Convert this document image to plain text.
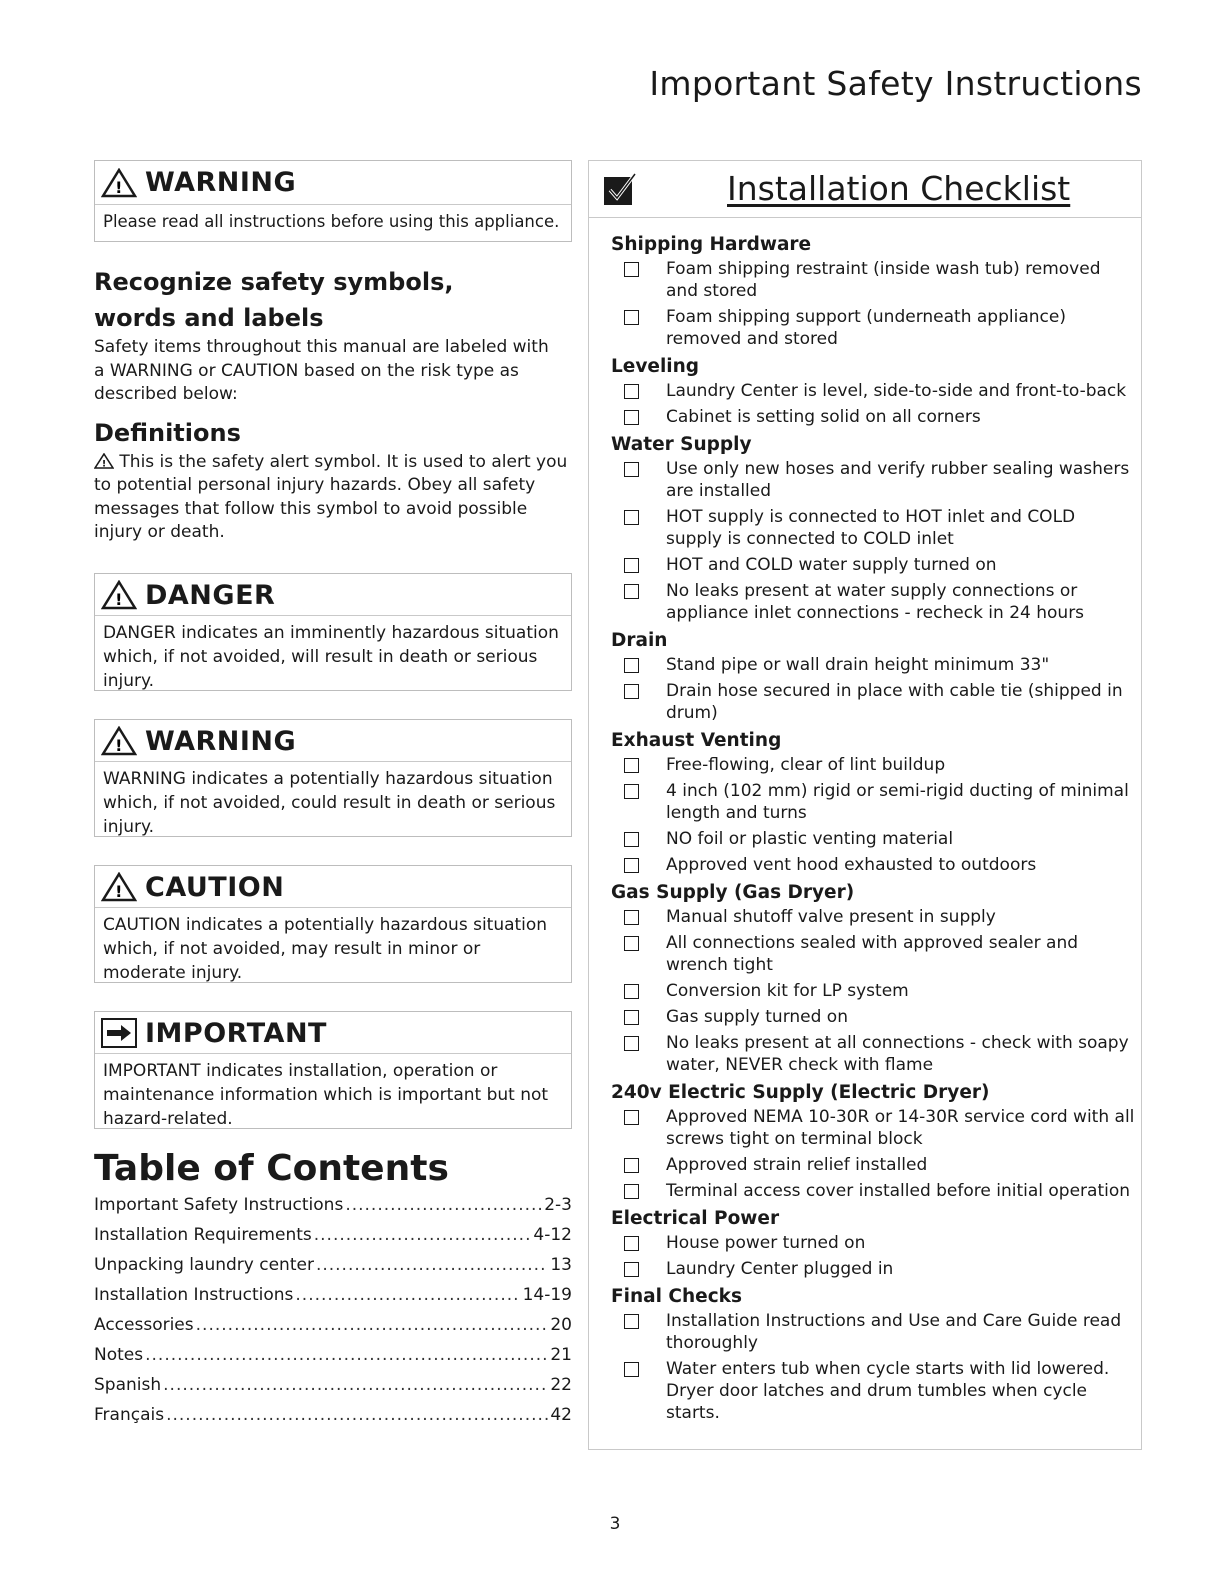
Important Safety Instructions
! WARNING
Please read all instructions before using this appliance.
Recognize safety symbols, words and labels

Safety items throughout this manual are labeled with a WARNING or CAUTION based on the risk type as described below:

Definitions

! This is the safety alert symbol. It is used to alert you to potential personal injury hazards. Obey all safety messages that follow this symbol to avoid possible injury or death.

! DANGER
DANGER indicates an imminently hazardous situation which, if not avoided, will result in death or serious injury.
! WARNING
WARNING indicates a potentially hazardous situation which, if not avoided, could result in death or serious injury.
! CAUTION
CAUTION indicates a potentially hazardous situation which, if not avoided, may result in minor or moderate injury.
IMPORTANT
IMPORTANT indicates installation, operation or maintenance information which is important but not hazard-related.
Table of Contents
Important Safety Instructions .....	2-3
Installation Requirements .....	4-12
Unpacking laundry center .....	13
Installation Instructions .....	14-19
Accessories .....	20
Notes .....	21
Spanish .....	22
Français .....	42
Installation Checklist
Shipping Hardware
Foam shipping restraint (inside wash tub) removed and stored
Foam shipping support (underneath appliance) removed and stored
Leveling
Laundry Center is level, side-to-side and front-to-back
Cabinet is setting solid on all corners
Water Supply
Use only new hoses and verify rubber sealing washers are installed
HOT supply is connected to HOT inlet and COLD supply is connected to COLD inlet
HOT and COLD water supply turned on
No leaks present at water supply connections or appliance inlet connections - recheck in 24 hours
Drain
Stand pipe or wall drain height minimum 33"
Drain hose secured in place with cable tie (shipped in drum)
Exhaust Venting
Free-flowing, clear of lint buildup
4 inch (102 mm) rigid or semi-rigid ducting of minimal length and turns
NO foil or plastic venting material
Approved vent hood exhausted to outdoors
Gas Supply (Gas Dryer)
Manual shutoff valve present in supply
All connections sealed with approved sealer and wrench tight
Conversion kit for LP system
Gas supply turned on
No leaks present at all connections - check with soapy water, NEVER check with flame
240v Electric Supply (Electric Dryer)
Approved NEMA 10-30R or 14-30R service cord with all screws tight on terminal block
Approved strain relief installed
Terminal access cover installed before initial operation
Electrical Power
House power turned on
Laundry Center plugged in
Final Checks
Installation Instructions and Use and Care Guide read thoroughly
Water enters tub when cycle starts with lid lowered. Dryer door latches and drum tumbles when cycle starts.
3
